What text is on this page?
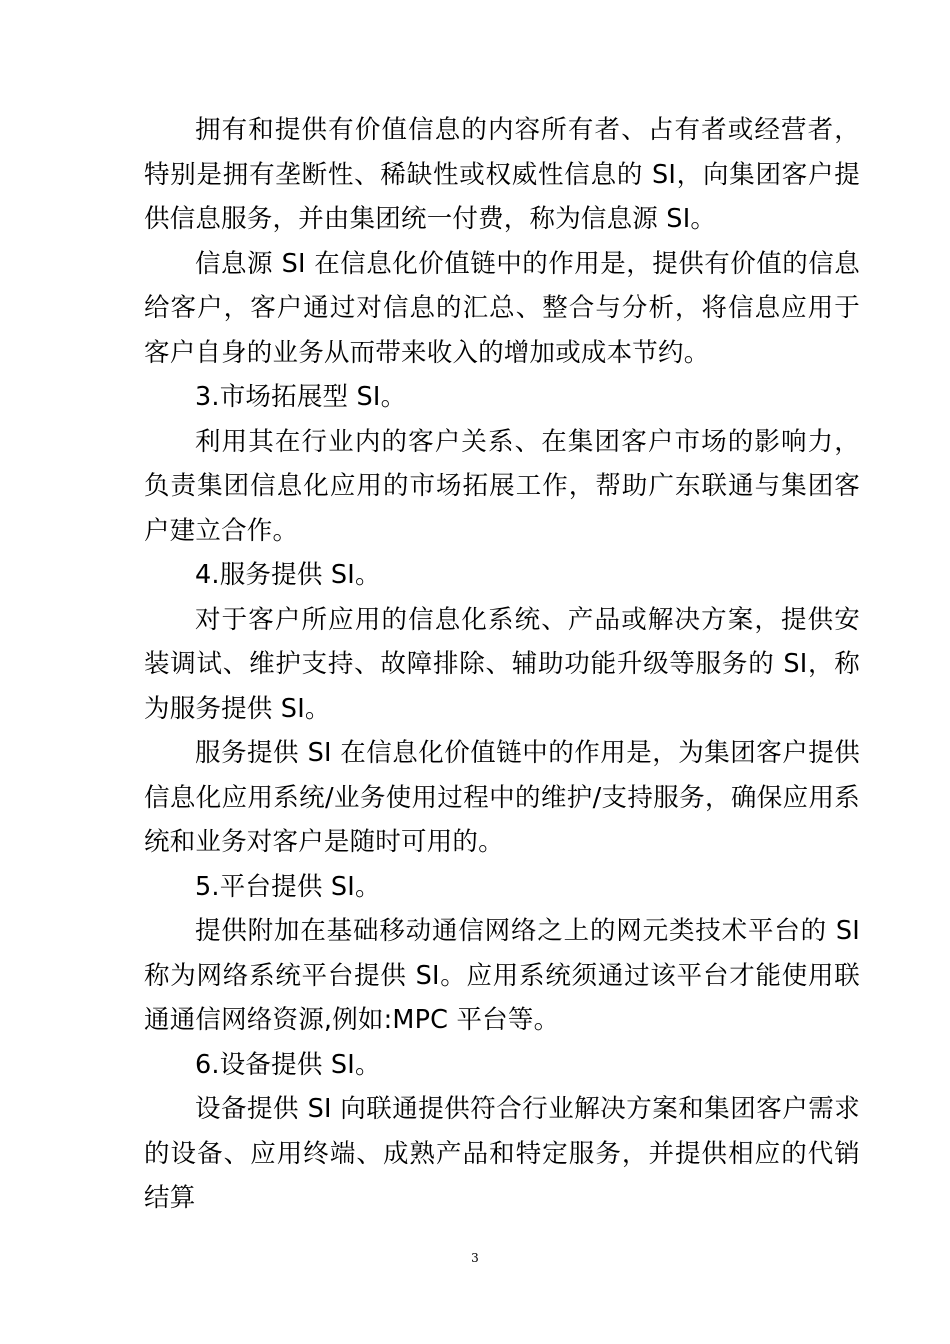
拥有和提供有价值信息的内容所有者、占有者或经营者，特别是拥有垄断性、稀缺性或权威性信息的 SI，向集团客户提供信息服务，并由集团统一付费，称为信息源 SI。

信息源 SI 在信息化价值链中的作用是，提供有价值的信息给客户，客户通过对信息的汇总、整合与分析，将信息应用于客户自身的业务从而带来收入的增加或成本节约。

3.市场拓展型 SI。

利用其在行业内的客户关系、在集团客户市场的影响力，负责集团信息化应用的市场拓展工作，帮助广东联通与集团客户建立合作。

4.服务提供 SI。

对于客户所应用的信息化系统、产品或解决方案，提供安装调试、维护支持、故障排除、辅助功能升级等服务的 SI，称为服务提供 SI。

服务提供 SI 在信息化价值链中的作用是，为集团客户提供信息化应用系统/业务使用过程中的维护/支持服务，确保应用系统和业务对客户是随时可用的。

5.平台提供 SI。

提供附加在基础移动通信网络之上的网元类技术平台的 SI 称为网络系统平台提供 SI。应用系统须通过该平台才能使用联通通信网络资源,例如:MPC 平台等。

6.设备提供 SI。

设备提供 SI 向联通提供符合行业解决方案和集团客户需求的设备、应用终端、成熟产品和特定服务，并提供相应的代销结算

3
